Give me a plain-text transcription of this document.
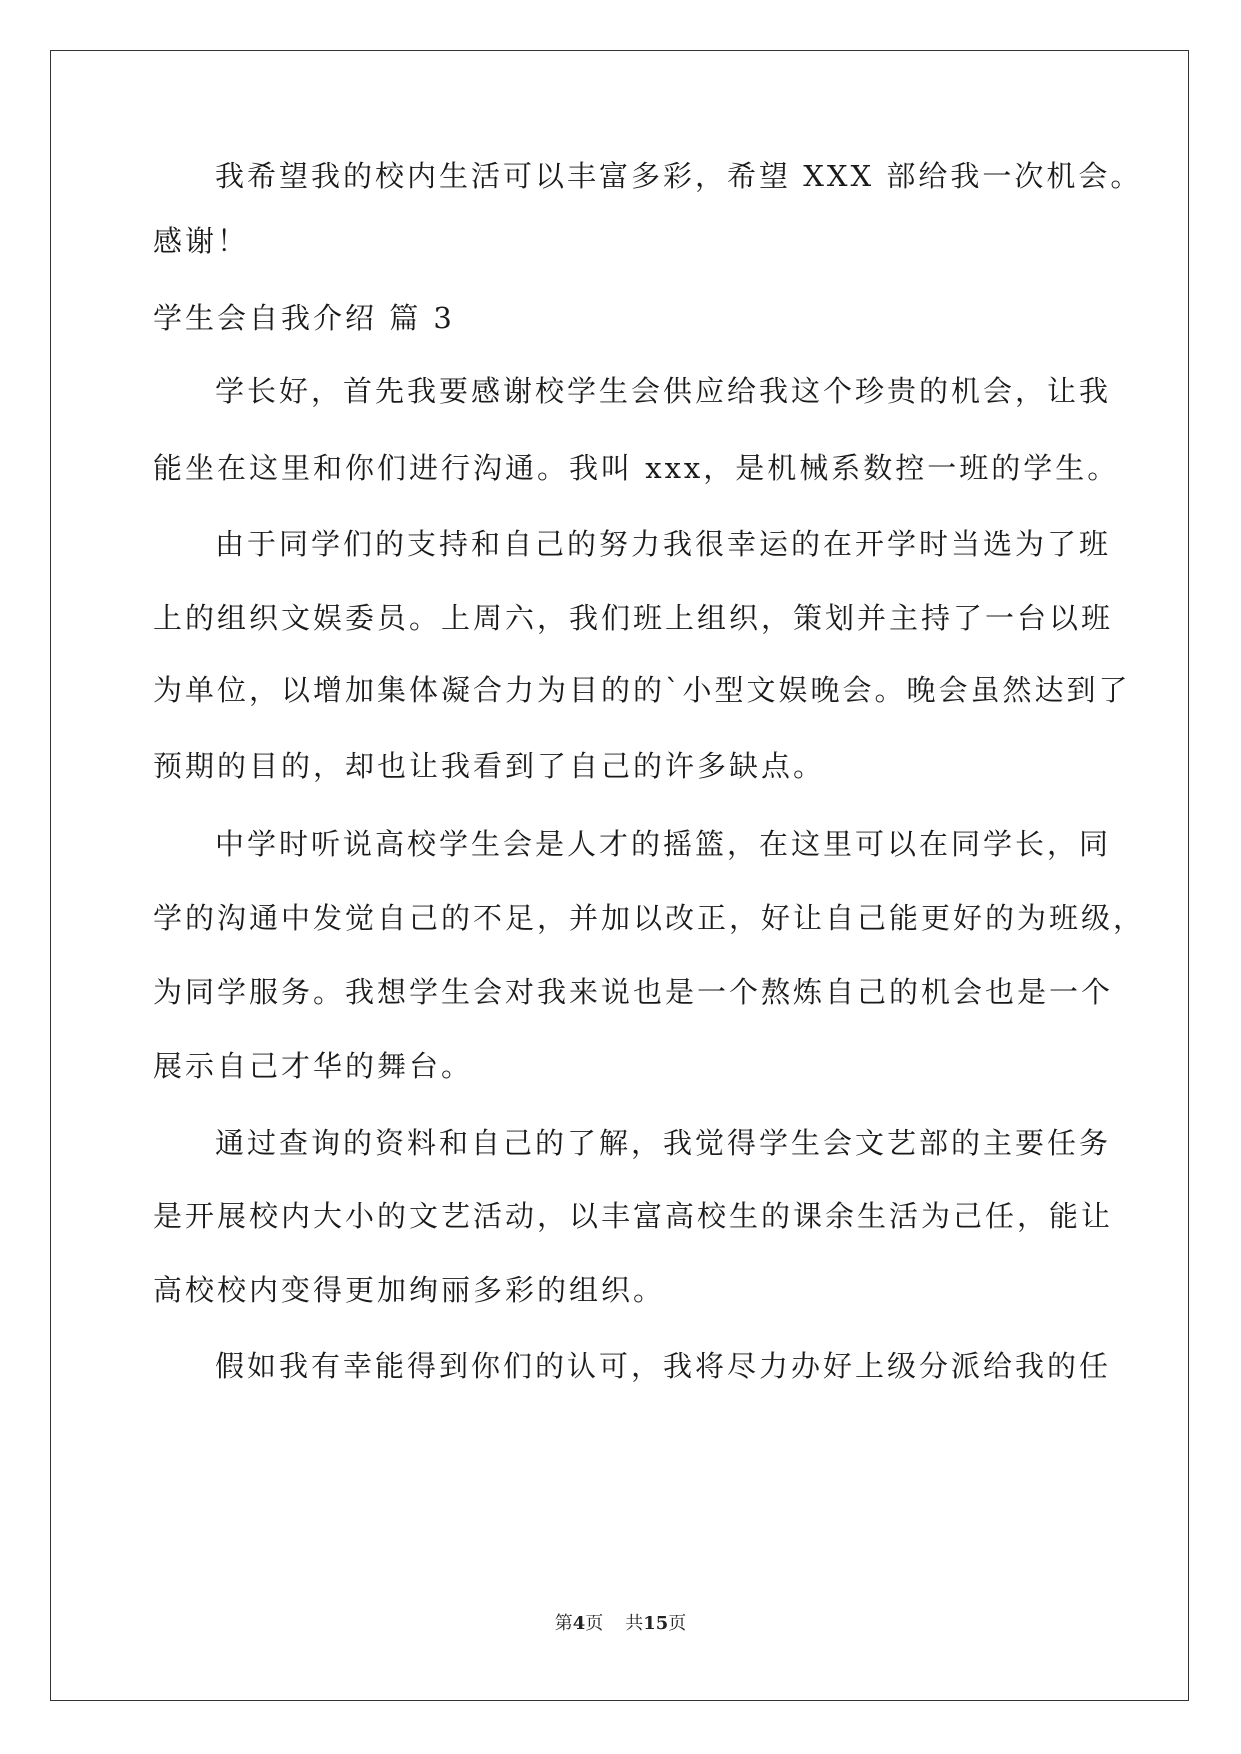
我希望我的校内生活可以丰富多彩，希望 XXX 部给我一次机会。
感谢！
学生会自我介绍 篇 3
学长好，首先我要感谢校学生会供应给我这个珍贵的机会，让我
能坐在这里和你们进行沟通。我叫 xxx，是机械系数控一班的学生。
由于同学们的支持和自己的努力我很幸运的在开学时当选为了班
上的组织文娱委员。上周六，我们班上组织，策划并主持了一台以班
为单位，以增加集体凝合力为目的的`小型文娱晚会。晚会虽然达到了
预期的目的，却也让我看到了自己的许多缺点。
中学时听说高校学生会是人才的摇篮，在这里可以在同学长，同
学的沟通中发觉自己的不足，并加以改正，好让自己能更好的为班级，
为同学服务。我想学生会对我来说也是一个熬炼自己的机会也是一个
展示自己才华的舞台。
通过查询的资料和自己的了解，我觉得学生会文艺部的主要任务
是开展校内大小的文艺活动，以丰富高校生的课余生活为己任，能让
高校校内变得更加绚丽多彩的组织。
假如我有幸能得到你们的认可，我将尽力办好上级分派给我的任
第4页 共15页
